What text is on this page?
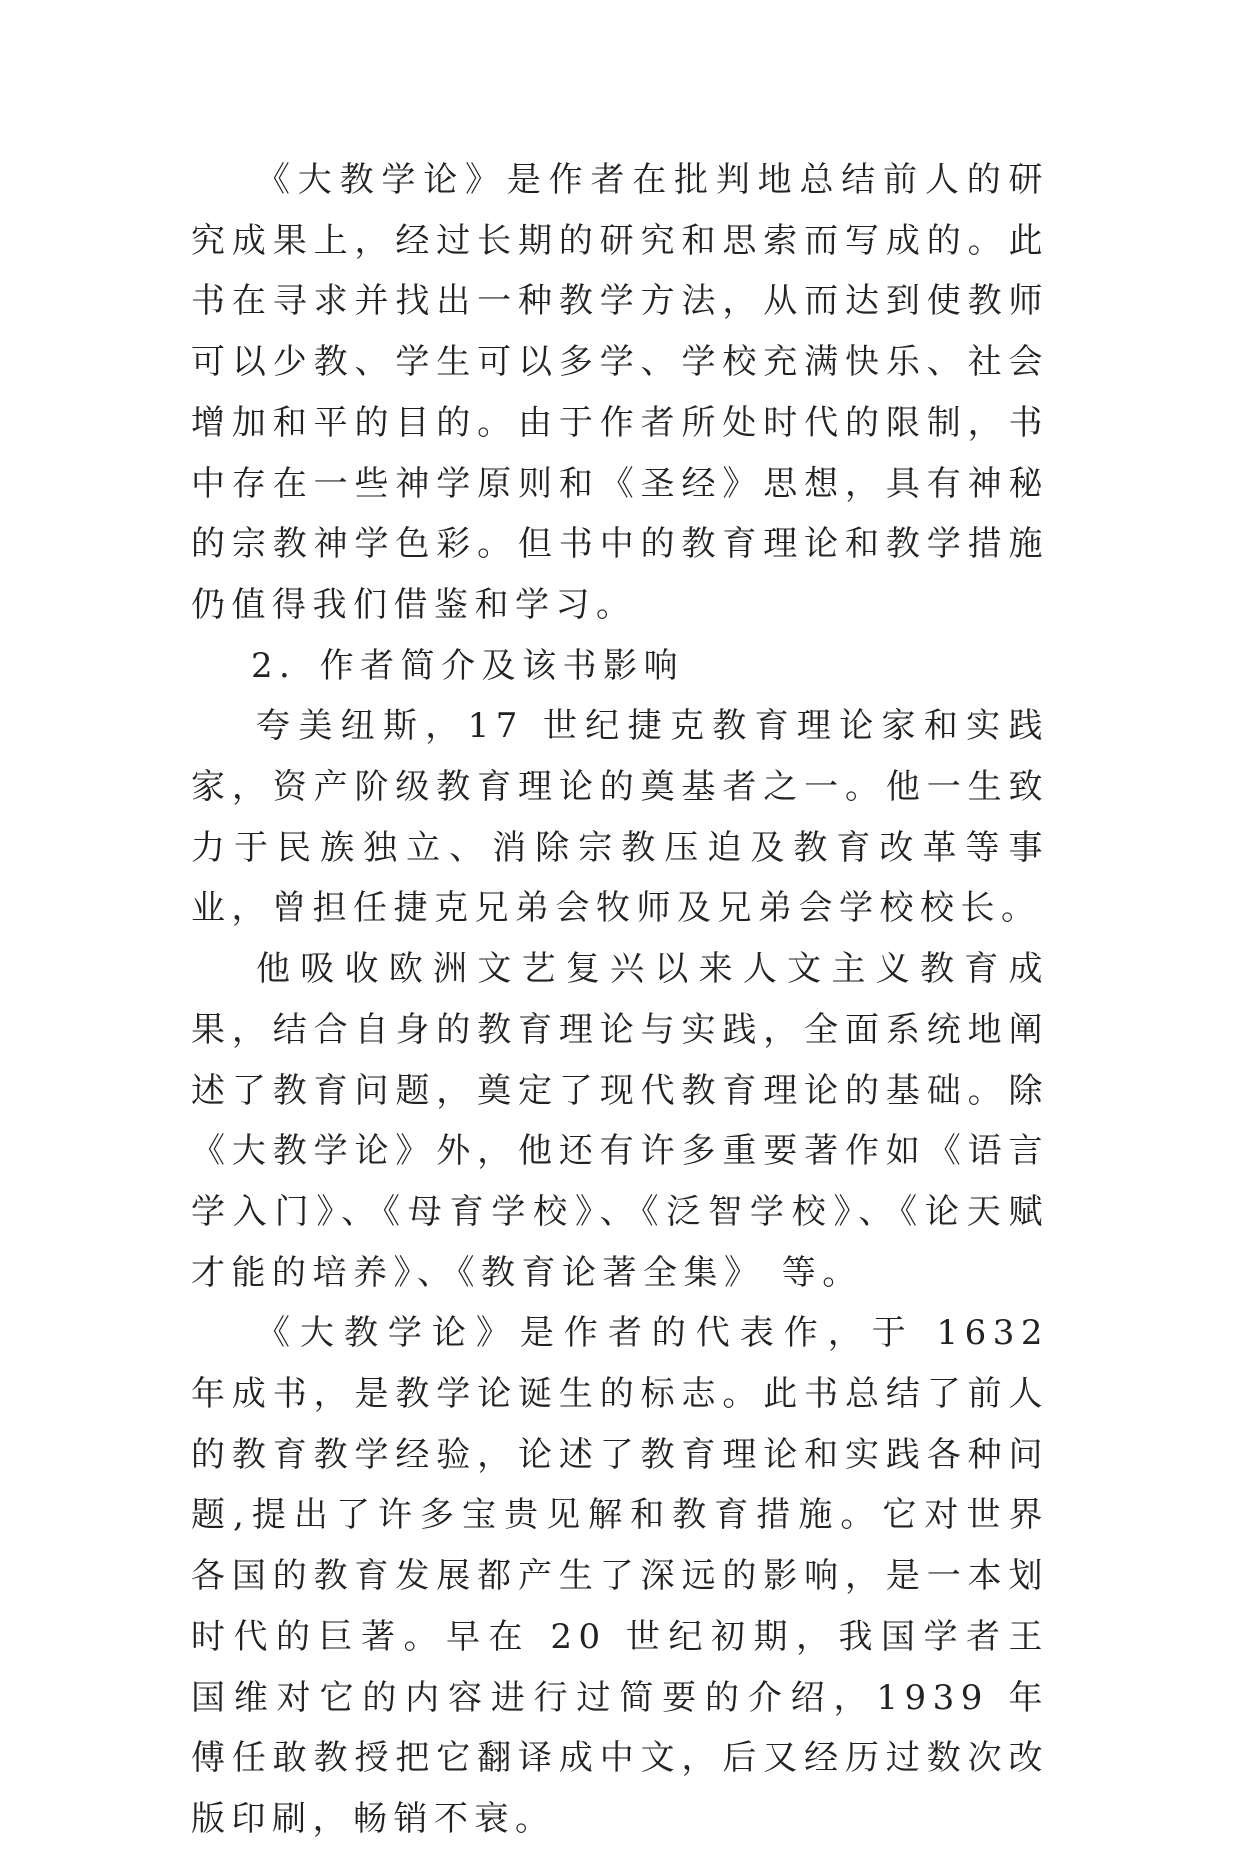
《大教学论》是作者在批判地总结前人的研究成果上，经过长期的研究和思索而写成的。此书在寻求并找出一种教学方法，从而达到使教师可以少教、学生可以多学、学校充满快乐、社会增加和平的目的。由于作者所处时代的限制，书中存在一些神学原则和《圣经》思想，具有神秘的宗教神学色彩。但书中的教育理论和教学措施仍值得我们借鉴和学习。

2．作者简介及该书影响

夸美纽斯，17 世纪捷克教育理论家和实践家，资产阶级教育理论的奠基者之一。他一生致力于民族独立、消除宗教压迫及教育改革等事业，曾担任捷克兄弟会牧师及兄弟会学校校长。

他吸收欧洲文艺复兴以来人文主义教育成果，结合自身的教育理论与实践，全面系统地阐述了教育问题，奠定了现代教育理论的基础。除《大教学论》外，他还有许多重要著作如《语言学入门》、《母育学校》、《泛智学校》、《论天赋才能的培养》、《教育论著全集》 等。

《大教学论》是作者的代表作，于 1632 年成书，是教学论诞生的标志。此书总结了前人的教育教学经验，论述了教育理论和实践各种问题,提出了许多宝贵见解和教育措施。它对世界各国的教育发展都产生了深远的影响，是一本划时代的巨著。早在 20 世纪初期，我国学者王国维对它的内容进行过简要的介绍，1939 年傅任敢教授把它翻译成中文，后又经历过数次改版印刷，畅销不衰。
